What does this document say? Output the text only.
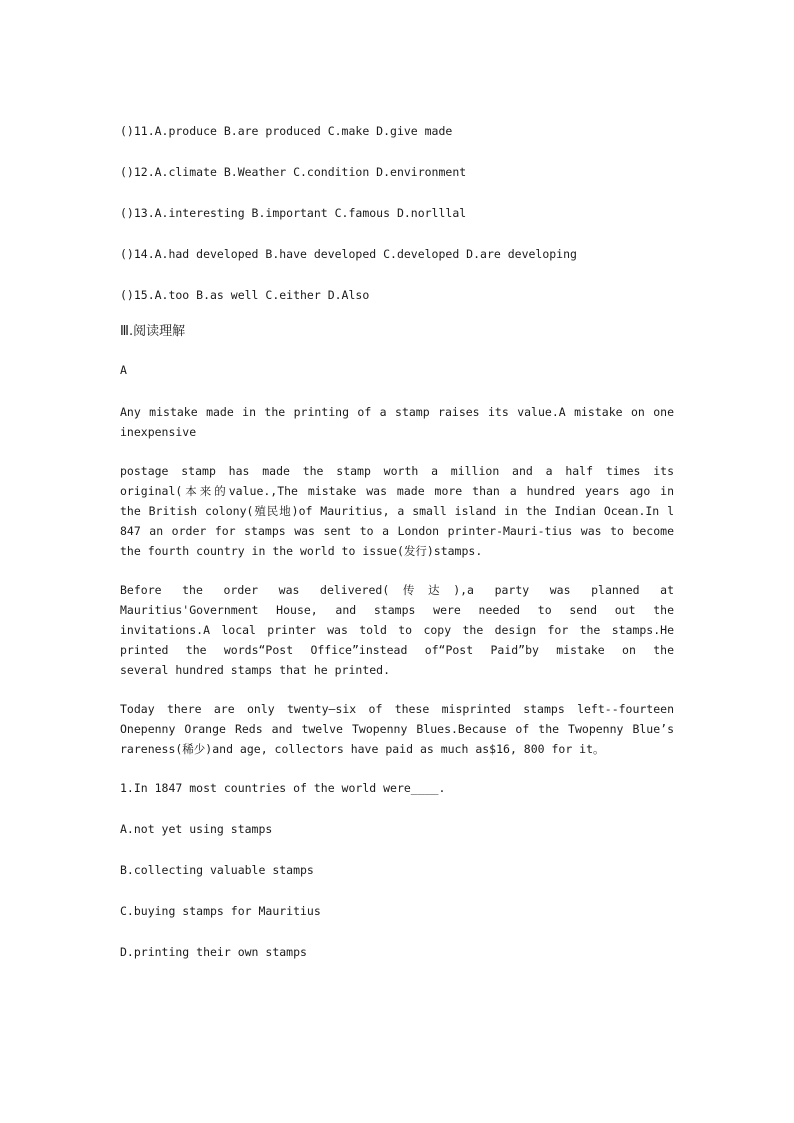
()11.A.produce B.are produced C.make D.give made

()12.A.climate B.Weather C.condition D.environment

()13.A.interesting B.important C.famous D.norlllal

()14.A.had developed B.have developed C.developed D.are developing

()15.A.too B.as well C.either D.Also

Ⅲ.阅读理解

A

Any mistake made in the printing of a stamp raises its value.A mistake on one

inexpensive

postage stamp has made the stamp worth a million and a half times its

original(本来的value.,The mistake was made more than a hundred years ago in

the British colony(殖民地)of Mauritius, a small island in the Indian Ocean.In l

847 an order for stamps was sent to a London printer-Mauri-tius was to become

the fourth country in the world to issue(发行)stamps.

Before the order was delivered(传达),a party was planned at

Mauritius'Government House, and stamps were needed to send out the

invitations.A local printer was told to copy the design for the stamps.He

printed the words“Post Office”instead of“Post Paid”by mistake on the

several hundred stamps that he printed.

Today there are only twenty—six of these misprinted stamps left--fourteen

Onepenny Orange Reds and twelve Twopenny Blues.Because of the Twopenny Blue’s

rareness(稀少)and age, collectors have paid as much as$16, 800 for it。

1.In 1847 most countries of the world were____.

A.not yet using stamps

B.collecting valuable stamps

C.buying stamps for Mauritius

D.printing their own stamps
